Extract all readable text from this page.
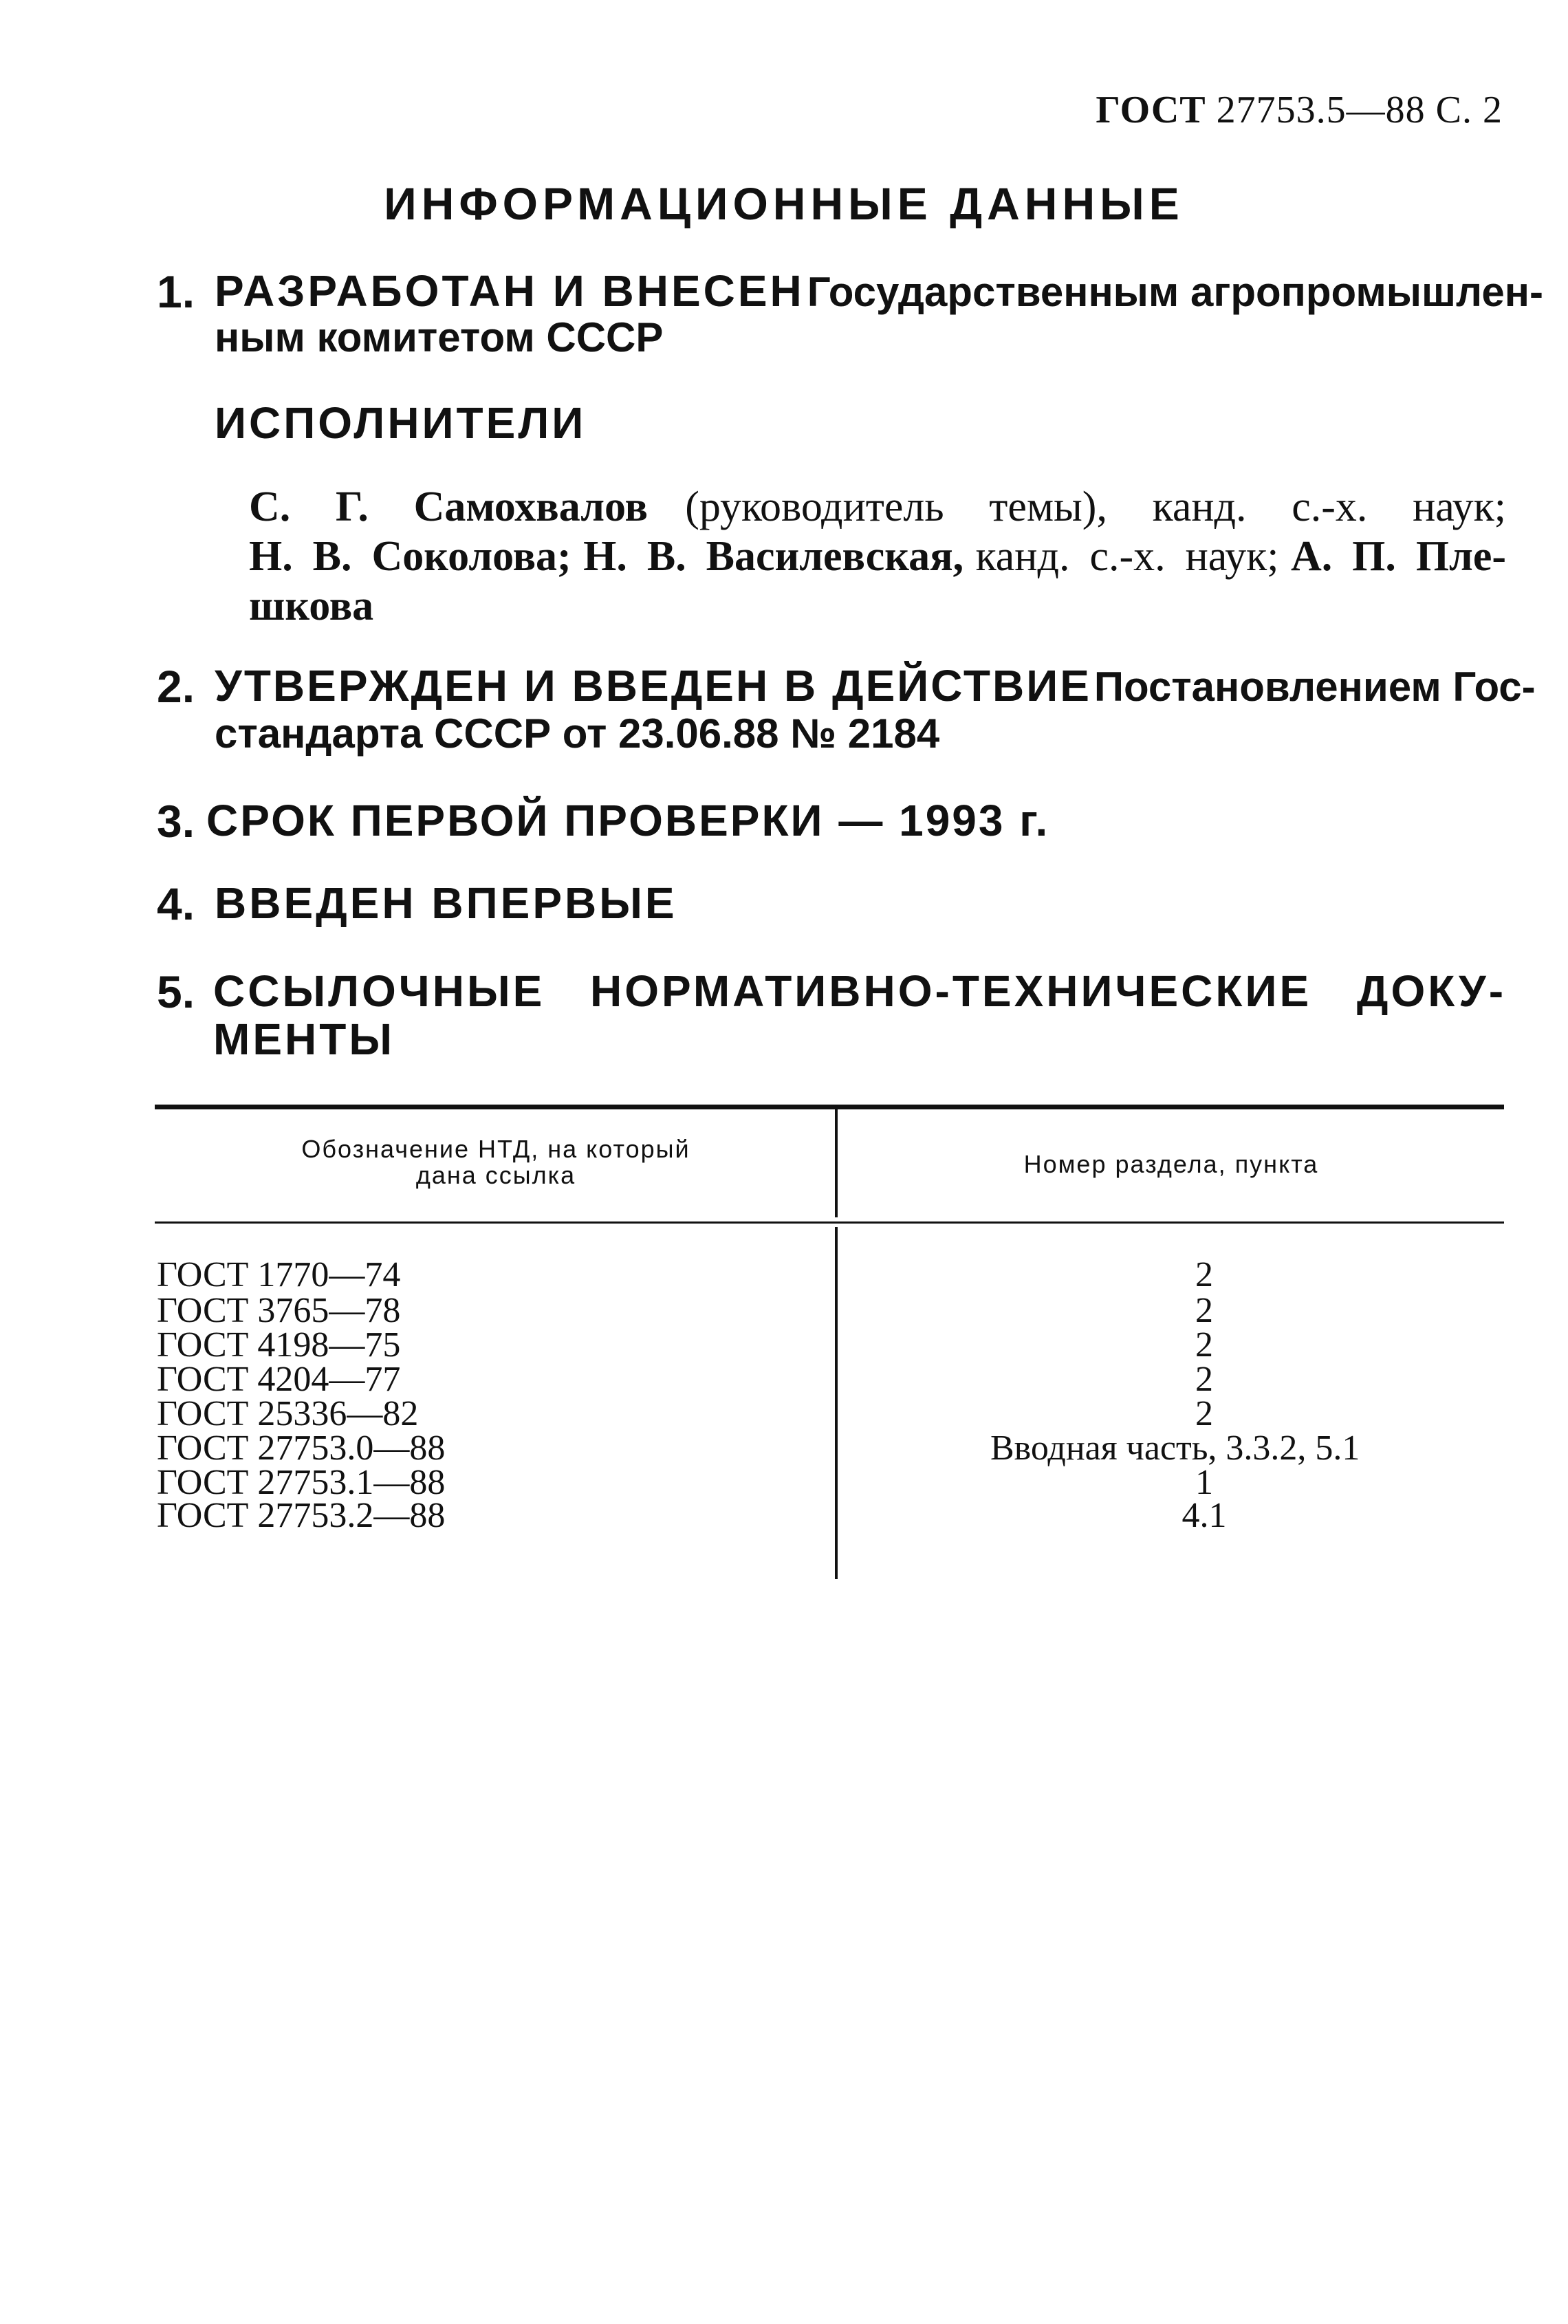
ГОСТ 27753.5—88 С. 2
ИНФОРМАЦИОННЫЕ ДАННЫЕ
1. РАЗРАБОТАН И ВНЕСЕН Государственным агропромышлен-
ным комитетом СССР
ИСПОЛНИТЕЛИ
С. Г. Самохвалов (руководитель темы), канд. с.-х. наук;
Н. В. Соколова; Н. В. Василевская, канд. с.-х. наук; А. П. Пле-
шкова
2. УТВЕРЖДЕН И ВВЕДЕН В ДЕЙСТВИЕ Постановлением Гос-
стандарта СССР от 23.06.88 № 2184
3. СРОК ПЕРВОЙ ПРОВЕРКИ — 1993 г.
4. ВВЕДЕН ВПЕРВЫЕ
5. ССЫЛОЧНЫЕ НОРМАТИВНО-ТЕХНИЧЕСКИЕ ДОКУ-
МЕНТЫ
Обозначение НТД, на который
дана ссылка	Номер раздела, пункта
ГОСТ 1770—74	2
ГОСТ 3765—78	2
ГОСТ 4198—75	2
ГОСТ 4204—77	2
ГОСТ 25336—82	2
ГОСТ 27753.0—88	Вводная часть, 3.3.2, 5.1
ГОСТ 27753.1—88	1
ГОСТ 27753.2—88	4.1
